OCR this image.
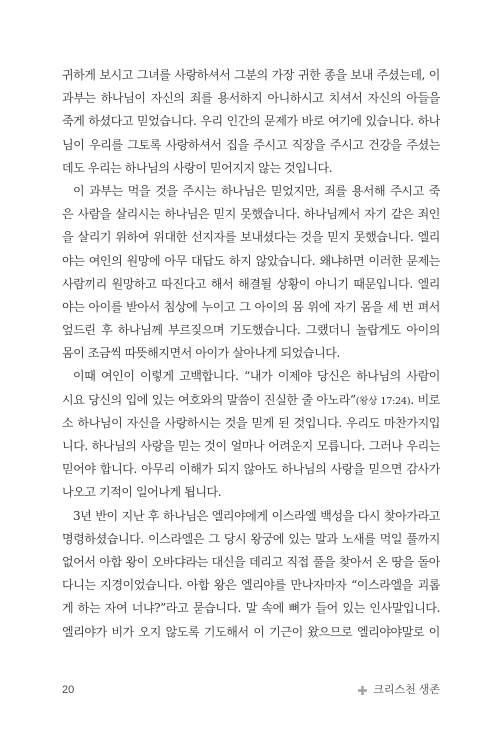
귀하게 보시고 그녀를 사랑하셔서 그분의 가장 귀한 종을 보내 주셨는데, 이
과부는 하나님이 자신의 죄를 용서하지 아니하시고 치셔서 자신의 아들을
죽게 하셨다고 믿었습니다. 우리 인간의 문제가 바로 여기에 있습니다. 하나
님이 우리를 그토록 사랑하셔서 집을 주시고 직장을 주시고 건강을 주셨는
데도 우리는 하나님의 사랑이 믿어지지 않는 것입니다.
이 과부는 먹을 것을 주시는 하나님은 믿었지만, 죄를 용서해 주시고 죽
은 사람을 살리시는 하나님은 믿지 못했습니다. 하나님께서 자기 같은 죄인
을 살리기 위하여 위대한 선지자를 보내셨다는 것을 믿지 못했습니다. 엘리
야는 여인의 원망에 아무 대답도 하지 않았습니다. 왜냐하면 이러한 문제는
사람끼리 원망하고 따진다고 해서 해결될 상황이 아니기 때문입니다. 엘리
야는 아이를 받아서 침상에 누이고 그 아이의 몸 위에 자기 몸을 세 번 펴서
엎드린 후 하나님께 부르짖으며 기도했습니다. 그랬더니 놀랍게도 아이의
몸이 조금씩 따뜻해지면서 아이가 살아나게 되었습니다.
이때 여인이 이렇게 고백합니다. “내가 이제야 당신은 하나님의 사람이
시요 당신의 입에 있는 여호와의 말씀이 진실한 줄 아노라”(왕상 17:24). 비로
소 하나님이 자신을 사랑하시는 것을 믿게 된 것입니다. 우리도 마찬가지입
니다. 하나님의 사랑을 믿는 것이 얼마나 어려운지 모릅니다. 그러나 우리는
믿어야 합니다. 아무리 이해가 되지 않아도 하나님의 사랑을 믿으면 감사가
나오고 기적이 일어나게 됩니다.
3년 반이 지난 후 하나님은 엘리야에게 이스라엘 백성을 다시 찾아가라고
명령하셨습니다. 이스라엘은 그 당시 왕궁에 있는 말과 노새를 먹일 풀까지
없어서 아합 왕이 오바댜라는 대신을 데리고 직접 풀을 찾아서 온 땅을 돌아
다니는 지경이었습니다. 아합 왕은 엘리야를 만나자마자 “이스라엘을 괴롭
게 하는 자여 너냐?”라고 묻습니다. 말 속에 뼈가 들어 있는 인사말입니다.
엘리야가 비가 오지 않도록 기도해서 이 기근이 왔으므로 엘리야야말로 이
20	크리스천 생존
